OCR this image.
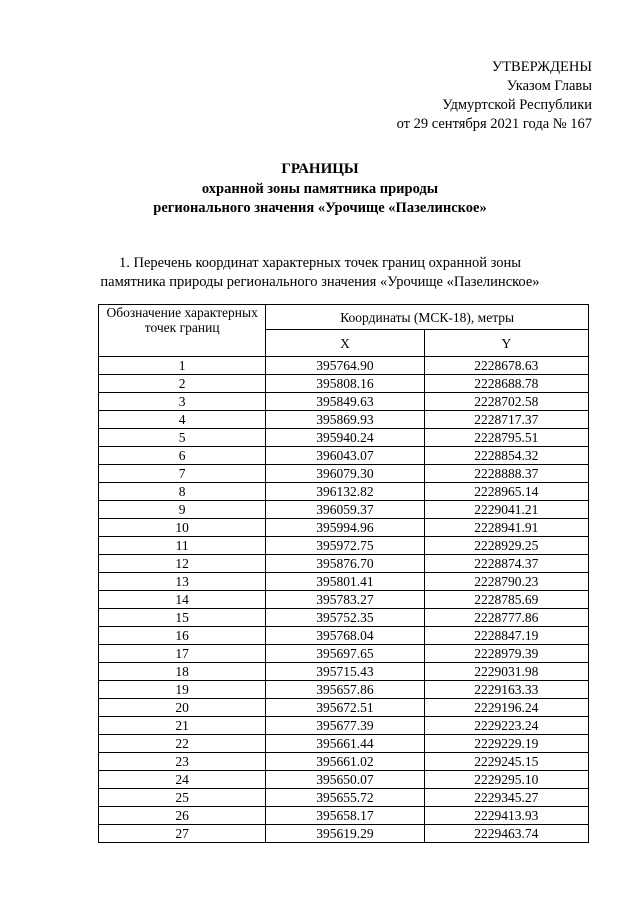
УТВЕРЖДЕНЫ
Указом Главы
Удмуртской Республики
от 29 сентября 2021 года № 167
ГРАНИЦЫ
охранной зоны памятника природы
регионального значения «Урочище «Пазелинское»
1. Перечень координат характерных точек границ охранной зоны
памятника природы регионального значения «Урочище «Пазелинское»
Обозначение характерных точек границ	Координаты (МСК-18), метры	
	X	Y
1	395764.90	2228678.63
2	395808.16	2228688.78
3	395849.63	2228702.58
4	395869.93	2228717.37
5	395940.24	2228795.51
6	396043.07	2228854.32
7	396079.30	2228888.37
8	396132.82	2228965.14
9	396059.37	2229041.21
10	395994.96	2228941.91
11	395972.75	2228929.25
12	395876.70	2228874.37
13	395801.41	2228790.23
14	395783.27	2228785.69
15	395752.35	2228777.86
16	395768.04	2228847.19
17	395697.65	2228979.39
18	395715.43	2229031.98
19	395657.86	2229163.33
20	395672.51	2229196.24
21	395677.39	2229223.24
22	395661.44	2229229.19
23	395661.02	2229245.15
24	395650.07	2229295.10
25	395655.72	2229345.27
26	395658.17	2229413.93
27	395619.29	2229463.74
